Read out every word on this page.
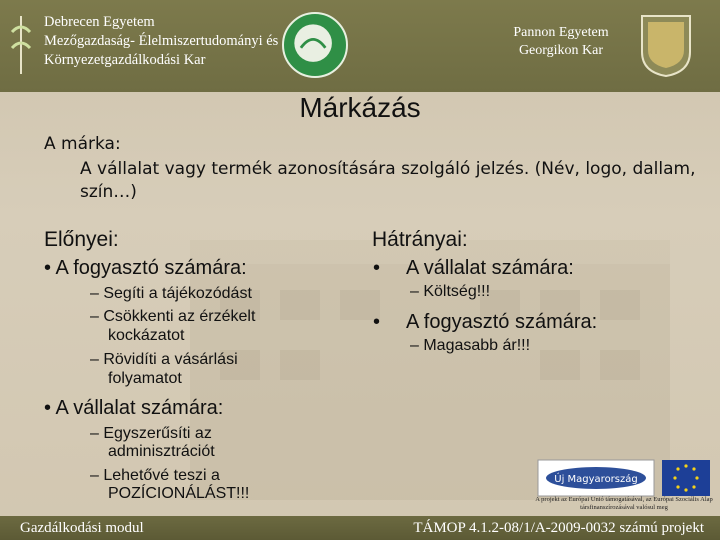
Debrecen Egyetem
Mezőgazdaság- Élelmiszertudományi és
Környezetgazdálkodási Kar
Pannon Egyetem
Georgikon Kar
Márkázás
A márka:
A vállalat vagy termék azonosítására szolgáló jelzés. (Név, logo, dallam, szín…)
Előnyei:
• A fogyasztó számára:
– Segíti a tájékozódást
– Csökkenti az érzékelt
kockázatot
– Rövidíti a vásárlási
folyamatot
• A vállalat számára:
– Egyszerűsíti az
adminisztrációt
– Lehetővé teszi a
POZÍCIONÁLÁST!!!
Hátrányai:
• A vállalat számára:
– Költség!!!
• A fogyasztó számára:
– Magasabb ár!!!
Új Magyarország
A projekt az Európai Unió támogatásával, az Európai Szociális Alap társfinanszírozásával valósul meg
Gazdálkodási modul	TÁMOP 4.1.2-08/1/A-2009-0032 számú projekt
